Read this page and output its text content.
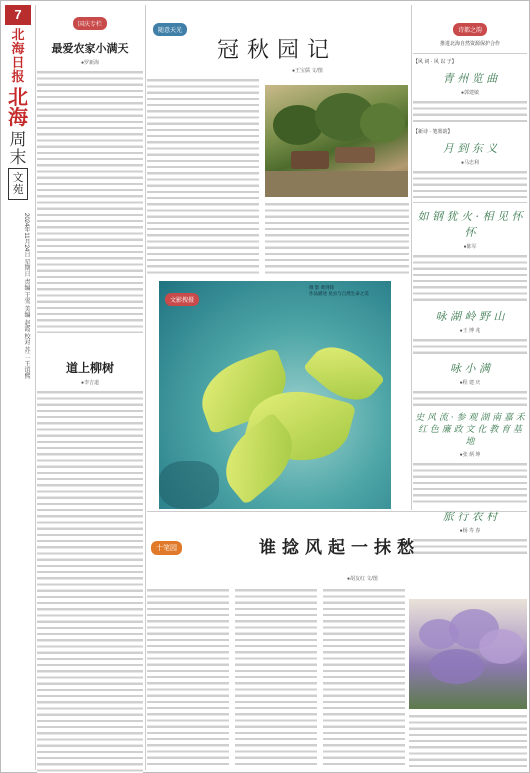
7
北海日报
北海
周末
文苑
2024年11月24日 星期日 责编 王雪 美编 赵霞 校对 苏二 王谊熙
国庆专栏
最爱农家小满天
●罗新海
道上柳树
●李吉道
随意天光
冠秋园记
●王宝儒 文/图
文影搜摄
摄 影 黄剑锋
作品描述 昆虫与自然生命之美
诗都之韵
推进北海自然资源保护合作
【风 词 · 风 以 子】
青 州 览 曲
●郭建敏
【新诗 · 笔墨韵】
月 到 东 义
●马忠利
如 钢 犹 火 · 相 见 怀 怀
●陈军
咏 湖 岭 野 山
●王 博 兆
咏 小 满
●程 建 庆
史 风 流 · 参 观 湖 南 嘉 禾 红 色 廉 政 文 化 教 育 基 地
●张 炳 坤
旅 行 农 村
●杨 寿 春
十笔园	谁捻风起一抹愁
●胡友红 文/图
